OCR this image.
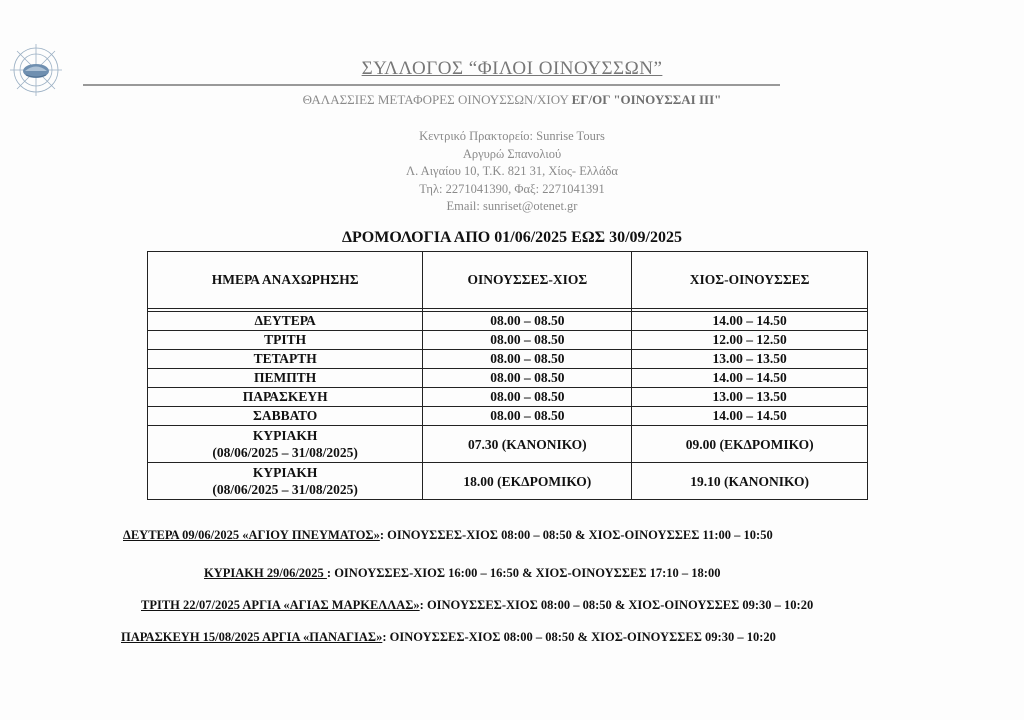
ΣΥΛΛΟΓΟΣ “ΦΙΛΟΙ ΟΙΝΟΥΣΣΩΝ”
ΘΑΛΑΣΣΙΕΣ ΜΕΤΑΦΟΡΕΣ ΟΙΝΟΥΣΣΩΝ/ΧΙΟΥ ΕΓ/ΟΓ "ΟΙΝΟΥΣΣΑΙ ΙΙΙ"
Κεντρικό Πρακτορείο: Sunrise Tours
Αργυρώ Σπανολιού
Λ. Αιγαίου 10, Τ.Κ. 821 31, Χίος- Ελλάδα
Τηλ: 2271041390, Φαξ: 2271041391
Email: sunriset@otenet.gr
ΔΡΟΜΟΛΟΓΙΑ ΑΠΟ 01/06/2025 ΕΩΣ 30/09/2025
ΗΜΕΡΑ ΑΝΑΧΩΡΗΣΗΣ	ΟΙΝΟΥΣΣΕΣ-ΧΙΟΣ	ΧΙΟΣ-ΟΙΝΟΥΣΣΕΣ

ΔΕΥΤΕΡΑ	08.00 – 08.50	14.00 – 14.50
ΤΡΙΤΗ	08.00 – 08.50	12.00 – 12.50
ΤΕΤΑΡΤΗ	08.00 – 08.50	13.00 – 13.50
ΠΕΜΠΤΗ	08.00 – 08.50	14.00 – 14.50
ΠΑΡΑΣΚΕΥΗ	08.00 – 08.50	13.00 – 13.50
ΣΑΒΒΑΤΟ	08.00 – 08.50	14.00 – 14.50

ΚΥΡΙΑΚΗ
(08/06/2025 – 31/08/2025)	07.30 (ΚΑΝΟΝΙΚΟ)	09.00 (ΕΚΔΡΟΜΙΚΟ)

ΚΥΡΙΑΚΗ
(08/06/2025 – 31/08/2025)	18.00 (ΕΚΔΡΟΜΙΚΟ)	19.10 (ΚΑΝΟΝΙΚΟ)
ΔΕΥΤΕΡΑ 09/06/2025 «ΑΓΙΟΥ ΠΝΕΥΜΑΤΟΣ»: ΟΙΝΟΥΣΣΕΣ-ΧΙΟΣ 08:00 – 08:50 & ΧΙΟΣ-ΟΙΝΟΥΣΣΕΣ 11:00 – 10:50
ΚΥΡΙΑΚΗ 29/06/2025 : ΟΙΝΟΥΣΣΕΣ-ΧΙΟΣ 16:00 – 16:50 & ΧΙΟΣ-ΟΙΝΟΥΣΣΕΣ 17:10 – 18:00
ΤΡΙΤΗ 22/07/2025 ΑΡΓΙΑ «ΑΓΙΑΣ ΜΑΡΚΕΛΛΑΣ»: ΟΙΝΟΥΣΣΕΣ-ΧΙΟΣ 08:00 – 08:50 & ΧΙΟΣ-ΟΙΝΟΥΣΣΕΣ 09:30 – 10:20
ΠΑΡΑΣΚΕΥΗ 15/08/2025 ΑΡΓΙΑ «ΠΑΝΑΓΙΑΣ»: ΟΙΝΟΥΣΣΕΣ-ΧΙΟΣ 08:00 – 08:50 & ΧΙΟΣ-ΟΙΝΟΥΣΣΕΣ 09:30 – 10:20
